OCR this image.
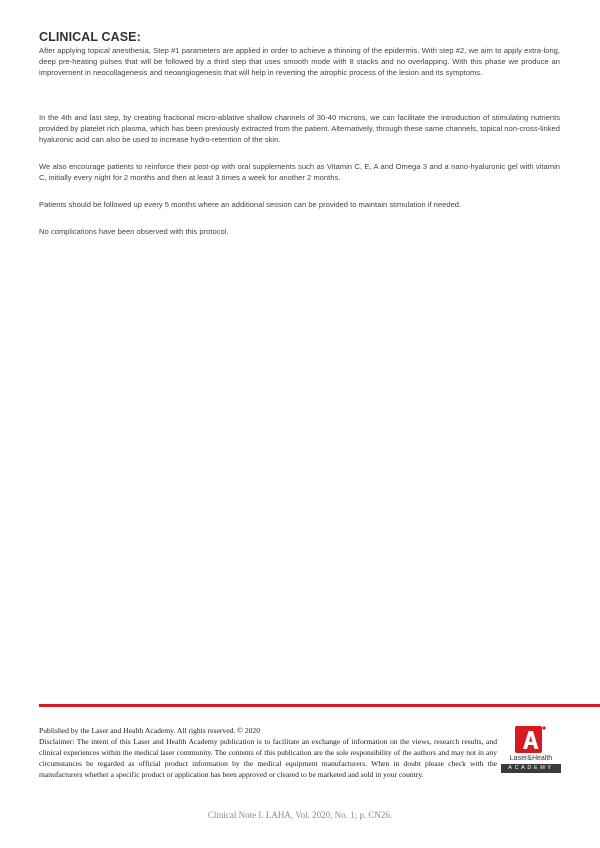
CLINICAL CASE:

After applying topical anesthesia, Step #1 parameters are applied in order to achieve a thinning of the epidermis. With step #2, we aim to apply extra-long, deep pre-heating pulses that will be followed by a third step that uses smooth mode with 8 stacks and no overlapping. With this phase we produce an improvement in neocollagenesis and neoangiogenesis that will help in reverting the atrophic process of the lesion and its symptoms.

In the 4th and last step, by creating fractional micro-ablative shallow channels of 30-40 microns, we can facilitate the introduction of stimulating nutrients provided by platelet rich plasma, which has been previously extracted from the patient. Alternatively, through these same channels, topical non-cross-linked hyaluronic acid can also be used to increase hydro-retention of the skin.

We also encourage patients to reinforce their post-op with oral supplements such as Vitamin C, E, A and Omega 3 and a nano-hyaluronic gel with vitamin C, initially every night for 2 months and then at least 3 times a week for another 2 months.

Patients should be followed up every 5 months where an additional session can be provided to maintain stimulation if needed.

No complications have been observed with this protocol.

Published by the Laser and Health Academy. All rights reserved. © 2020

Disclaimer: The intent of this Laser and Health Academy publication is to facilitate an exchange of information on the views, research results, and clinical experiences within the medical laser community. The contents of this publication are the sole responsibility of the authors and may not in any circumstances be regarded as official product information by the medical equipment manufacturers. When in doubt please check with the manufacturers whether a specific product or application has been approved or cleared to be marketed and sold in your country.

Laser&Health
ACADEMY
Clinical Note I. LAHA, Vol. 2020, No. 1; p. CN26.
